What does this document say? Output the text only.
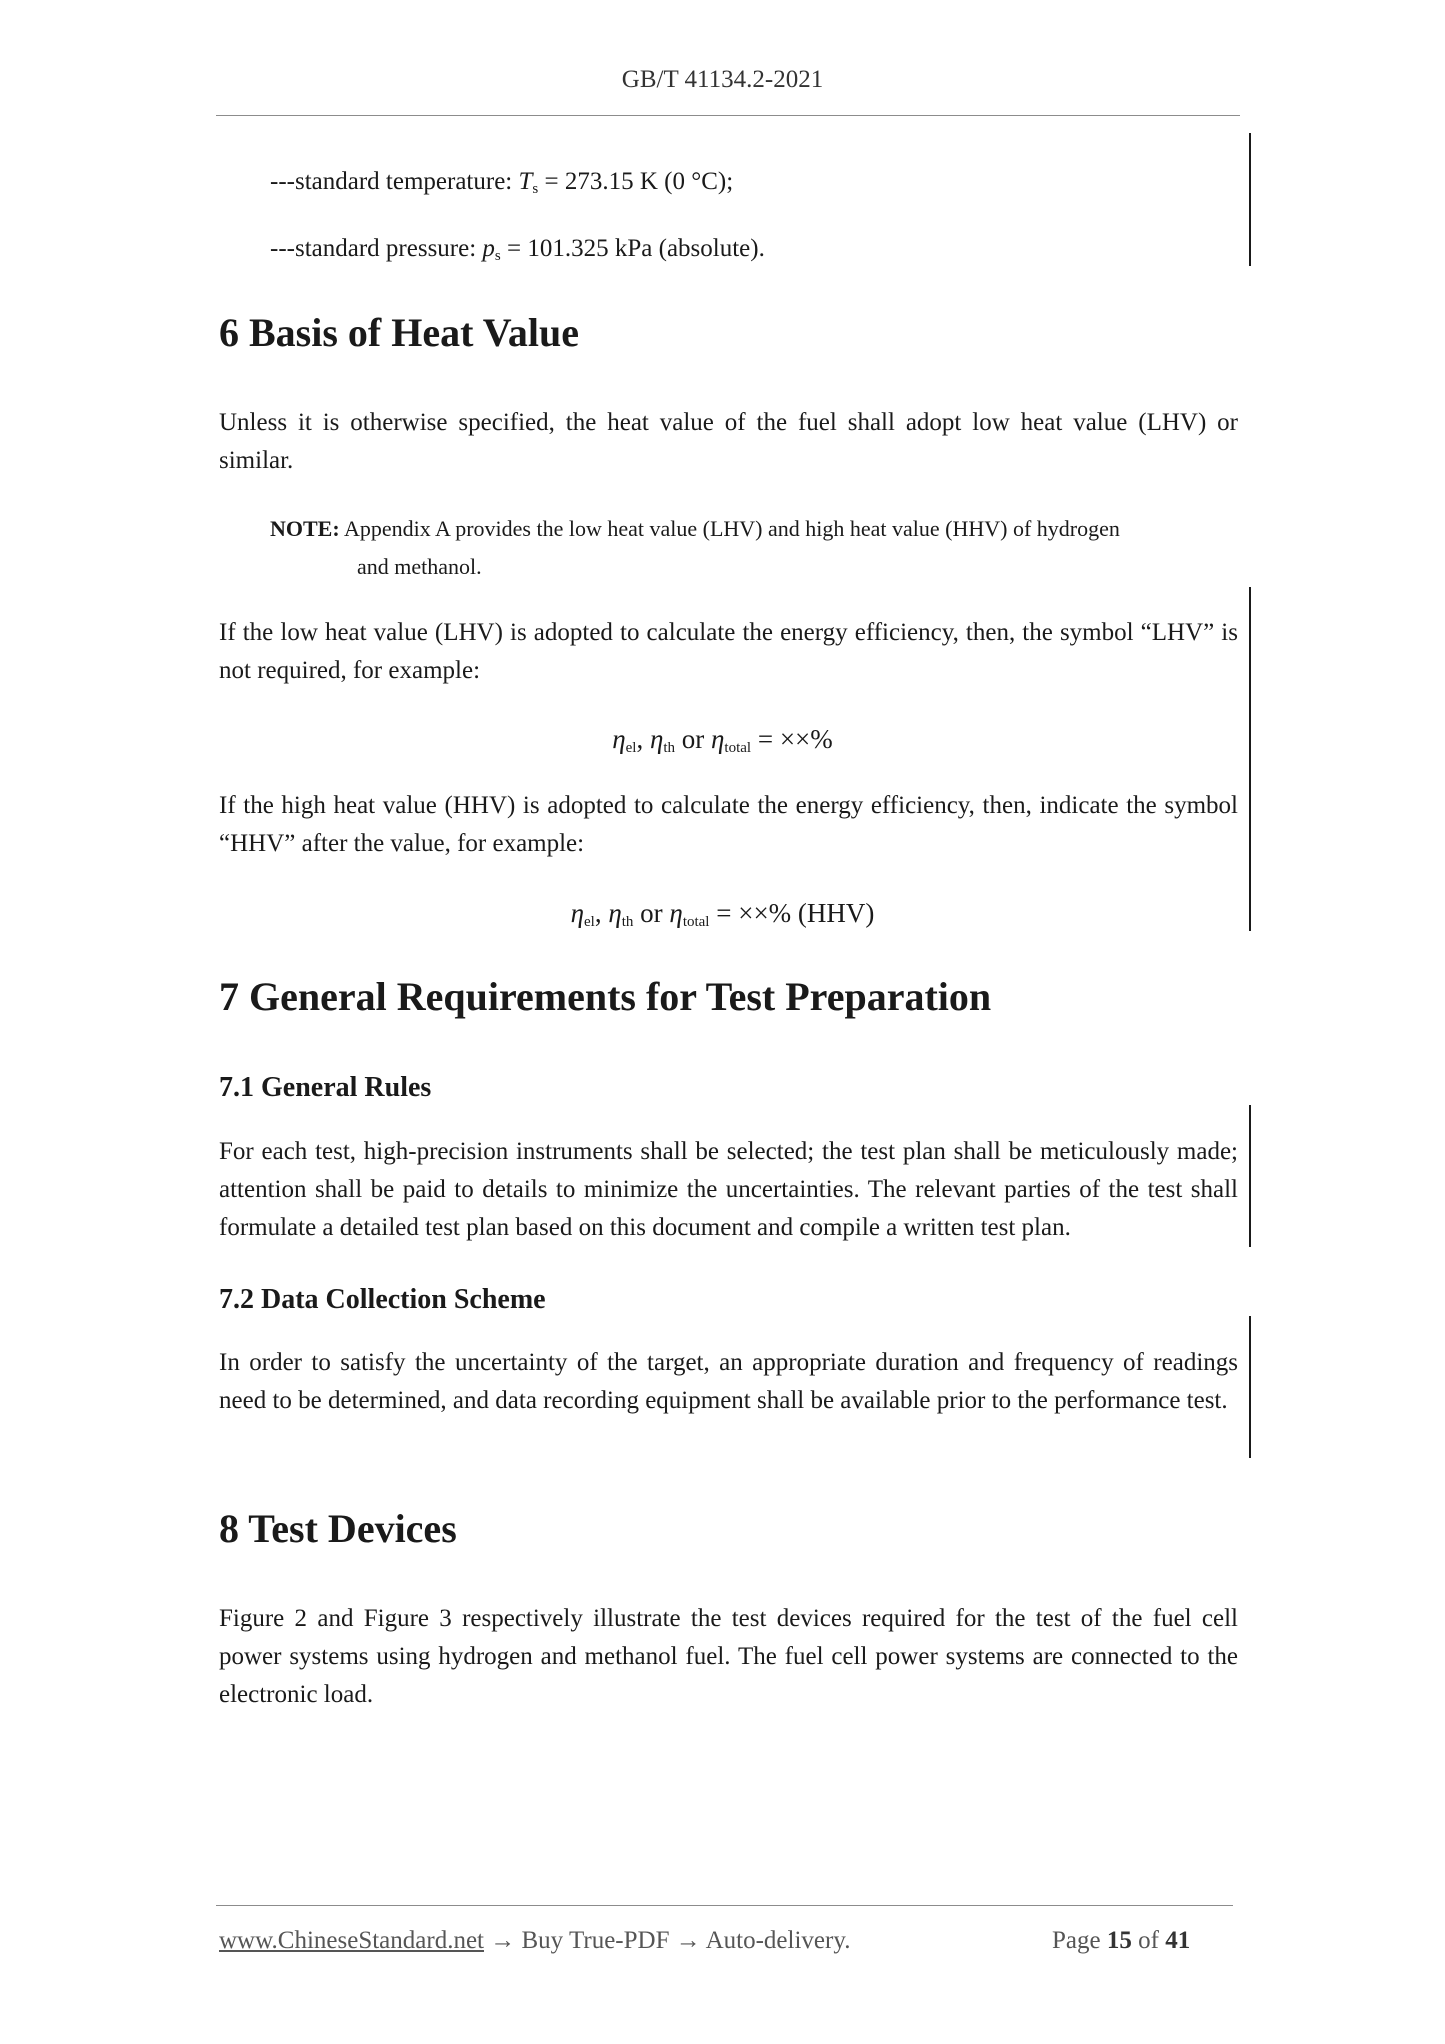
GB/T 41134.2-2021
---standard temperature: $T_s = 273.15$ K (0 °C);
---standard pressure: $p_s = 101.325$ kPa (absolute).
6 Basis of Heat Value
Unless it is otherwise specified, the heat value of the fuel shall adopt low heat value (LHV) or similar.
NOTE: Appendix A provides the low heat value (LHV) and high heat value (HHV) of hydrogen
and methanol.
If the low heat value (LHV) is adopted to calculate the energy efficiency, then, the symbol “LHV” is not required, for example:
$\eta_{el}$, $\eta_{th}$ or $\eta_{total}$ = ××%
If the high heat value (HHV) is adopted to calculate the energy efficiency, then, indicate the symbol “HHV” after the value, for example:
$\eta_{el}$, $\eta_{th}$ or $\eta_{total}$ = ××% (HHV)
7 General Requirements for Test Preparation
7.1 General Rules
For each test, high-precision instruments shall be selected; the test plan shall be meticulously made; attention shall be paid to details to minimize the uncertainties. The relevant parties of the test shall formulate a detailed test plan based on this document and compile a written test plan.
7.2 Data Collection Scheme
In order to satisfy the uncertainty of the target, an appropriate duration and frequency of readings need to be determined, and data recording equipment shall be available prior to the performance test.
8 Test Devices
Figure 2 and Figure 3 respectively illustrate the test devices required for the test of the fuel cell power systems using hydrogen and methanol fuel. The fuel cell power systems are connected to the electronic load.
www.ChineseStandard.net → Buy True-PDF → Auto-delivery.	Page 15 of 41
